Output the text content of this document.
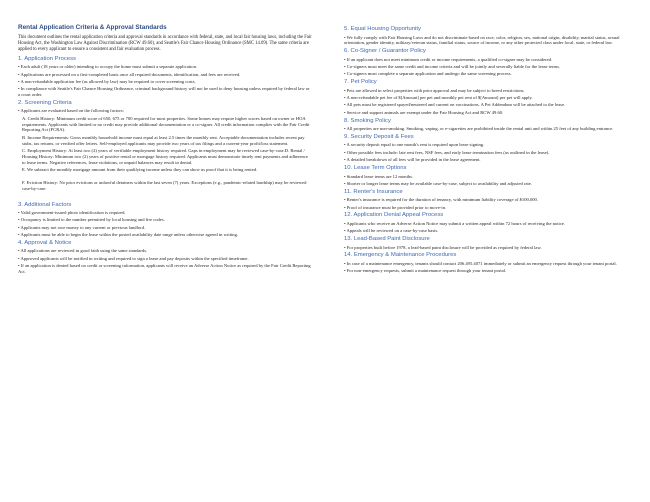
Rental Application Criteria & Approval Standards

This document outlines the rental application criteria and approval standards in accordance with federal, state, and local fair housing laws, including the Fair Housing Act, the Washington Law Against Discrimination (RCW 49.60), and Seattle's Fair Chance Housing Ordinance (SMC 14.09). The same criteria are applied to every applicant to ensure a consistent and fair evaluation process.

1. Application Process

• Each adult (18 years or older) intending to occupy the home must submit a separate application.

• Applications are processed on a first-completed basis once all required documents, identification, and fees are received.

• A non-refundable application fee (as allowed by law) may be required to cover screening costs.

• In compliance with Seattle's Fair Chance Housing Ordinance, criminal background history will not be used to deny housing unless required by federal law or a court order.

2. Screening Criteria

• Applicants are evaluated based on the following factors:

A. Credit History: Minimum credit score of 650, 675 or 700 required for most properties. Some homes may require higher scores based on owner or HOA requirements. Applicants with limited or no credit may provide additional documentation or a co-signer. All credit information complies with the Fair Credit Reporting Act (FCRA).

B. Income Requirements: Gross monthly household income must equal at least 2.5 times the monthly rent. Acceptable documentation includes recent pay stubs, tax returns, or verified offer letters. Self-employed applicants may provide two years of tax filings and a current-year profit/loss statement.

C. Employment History: At least two (2) years of verifiable employment history required. Gaps in employment may be reviewed case-by-case.D. Rental / Housing History: Minimum two (2) years of positive rental or mortgage history required. Applicants must demonstrate timely rent payments and adherence to lease terms. Negative references, lease violations, or unpaid balances may result in denial.

E. We subtract the monthly mortgage amount from their qualifying income unless they can show us proof that it is being rented.

F. Eviction History: No prior evictions or unlawful detainers within the last seven (7) years. Exceptions (e.g., pandemic-related hardship) may be reviewed case-by-case.

3. Additional Factors

• Valid government-issued photo identification is required.

• Occupancy is limited to the number permitted by local housing and fire codes.

• Applicants may not owe money to any current or previous landlord.

• Applicants must be able to begin the lease within the posted availability date range unless otherwise agreed in writing.

4. Approval & Notice

• All applications are reviewed in good faith using the same standards.

• Approved applicants will be notified in writing and required to sign a lease and pay deposits within the specified timeframe.

• If an application is denied based on credit or screening information, applicants will receive an Adverse Action Notice as required by the Fair Credit Reporting Act.

5. Equal Housing Opportunity

• We fully comply with Fair Housing Laws and do not discriminate based on race, color, religion, sex, national origin, disability, marital status, sexual orientation, gender identity, military/veteran status, familial status, source of income, or any other protected class under local, state, or federal law.

6. Co-Signer / Guarantor Policy

• If an applicant does not meet minimum credit or income requirements, a qualified co-signer may be considered.

• Co-signers must meet the same credit and income criteria and will be jointly and severally liable for the lease terms.

• Co-signers must complete a separate application and undergo the same screening process.

7. Pet Policy

• Pets are allowed in select properties with prior approval and may be subject to breed restrictions.

• A non-refundable pet fee of $[Amount] per pet and monthly pet rent of $[Amount] per pet will apply.

• All pets must be registered spayed/neutered and current on vaccinations. A Pet Addendum will be attached to the lease.

• Service and support animals are exempt under the Fair Housing Act and RCW 49.60.

8. Smoking Policy

• All properties are non-smoking. Smoking, vaping, or e-cigarettes are prohibited inside the rental unit and within 25 feet of any building entrance.

9. Security Deposit & Fees

• A security deposit equal to one month's rent is required upon lease signing.

• Other possible fees include: late rent fees, NSF fees, and early lease termination fees (as outlined in the lease).

• A detailed breakdown of all fees will be provided in the lease agreement.

10. Lease Term Options

• Standard lease terms are 12 months.

• Shorter or longer lease terms may be available case-by-case, subject to availability and adjusted rate.

11. Renter's Insurance

• Renter's insurance is required for the duration of tenancy, with minimum liability coverage of $100,000.

• Proof of insurance must be provided prior to move-in.

12. Application Denial Appeal Process

• Applicants who receive an Adverse Action Notice may submit a written appeal within 72 hours of receiving the notice.

• Appeals will be reviewed on a case-by-case basis.

13. Lead-Based Paint Disclosure

• For properties built before 1978, a lead-based paint disclosure will be provided as required by federal law.

14. Emergency & Maintenance Procedures

• In case of a maintenance emergency, tenants should contact 206.495.4071 immediately or submit an emergency request through your tenant portal.

• For non-emergency requests, submit a maintenance request through your tenant portal.
